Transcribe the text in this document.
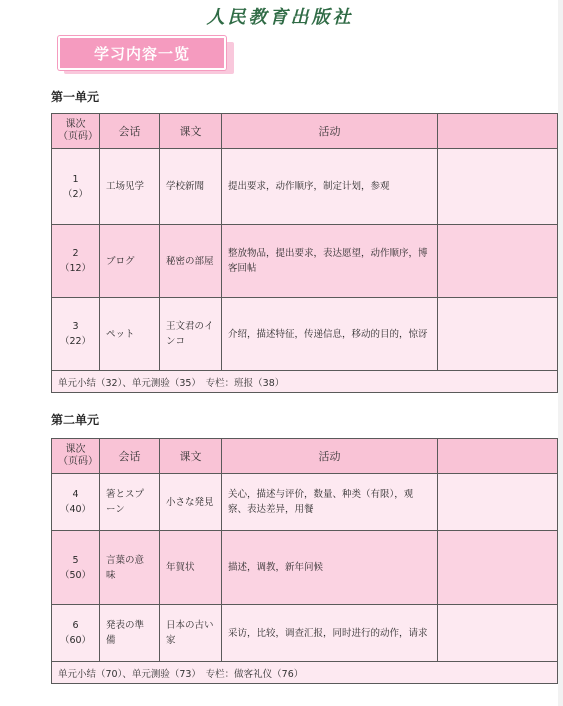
人民教育出版社
学习内容一览
第一单元
课次
（页码）	会话	课文	活动	
1
（2）	工场见学	学校新聞	提出要求，动作顺序，制定计划，参观	
2
（12）	ブログ	秘密の部屋	整放物品，提出要求，表达愿望，动作顺序，博客回帖	
3
（22）	ペット	王文君のインコ	介绍，描述特征，传递信息，移动的目的，惊讶	
单元小结（32）、单元测验（35）　专栏：班报（38）
第二单元
课次
（页码）	会话	课文	活动	
4
（40）	箸とスプーン	小さな発見	关心，描述与评价，数量、种类（有限），观察、表达差异，用餐	
5
（50）	言葉の意味	年賀状	描述，调教，新年问候	
6
（60）	発表の準備	日本の古い家	采访，比较，调查汇报，同时进行的动作，请求	
单元小结（70）、单元测验（73）　专栏：做客礼仪（76）
